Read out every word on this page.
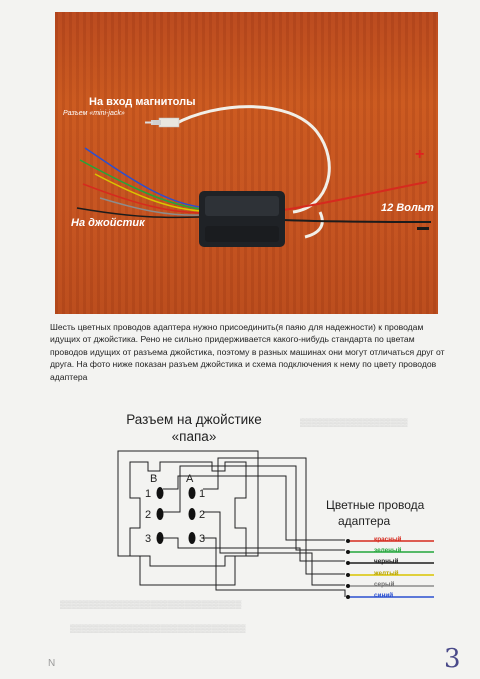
На вход магнитолы
Разъем «mini-jack»
На джойстик
12 Вольт
+
Шесть цветных проводов адаптера нужно присоединить(я паяю для надежности) к проводам идущих от джойстика. Рено не сильно придерживается какого-нибудь стандарта по цветам проводов идущих от разъема джойстика, поэтому в разных машинах они могут отличаться друг от друга. На фото ниже показан разъем джойстика и схема подключения к нему по цвету проводов адаптера
▒▒▒▒▒▒▒▒▒▒▒▒▒▒▒▒▒▒▒
▒▒▒▒▒▒▒▒▒▒▒▒▒▒▒▒▒▒▒▒▒▒▒▒▒▒▒▒▒▒▒▒
▒▒▒▒▒▒▒▒▒▒▒▒▒▒▒▒▒▒▒▒▒▒▒▒▒▒▒▒▒▒▒
Разъем на джойстике
«папа»
B	A
1
2
3
1
2
3
Цветные провода
адаптера
красный
зеленый
черный
желтый
серый
синий
3
N
